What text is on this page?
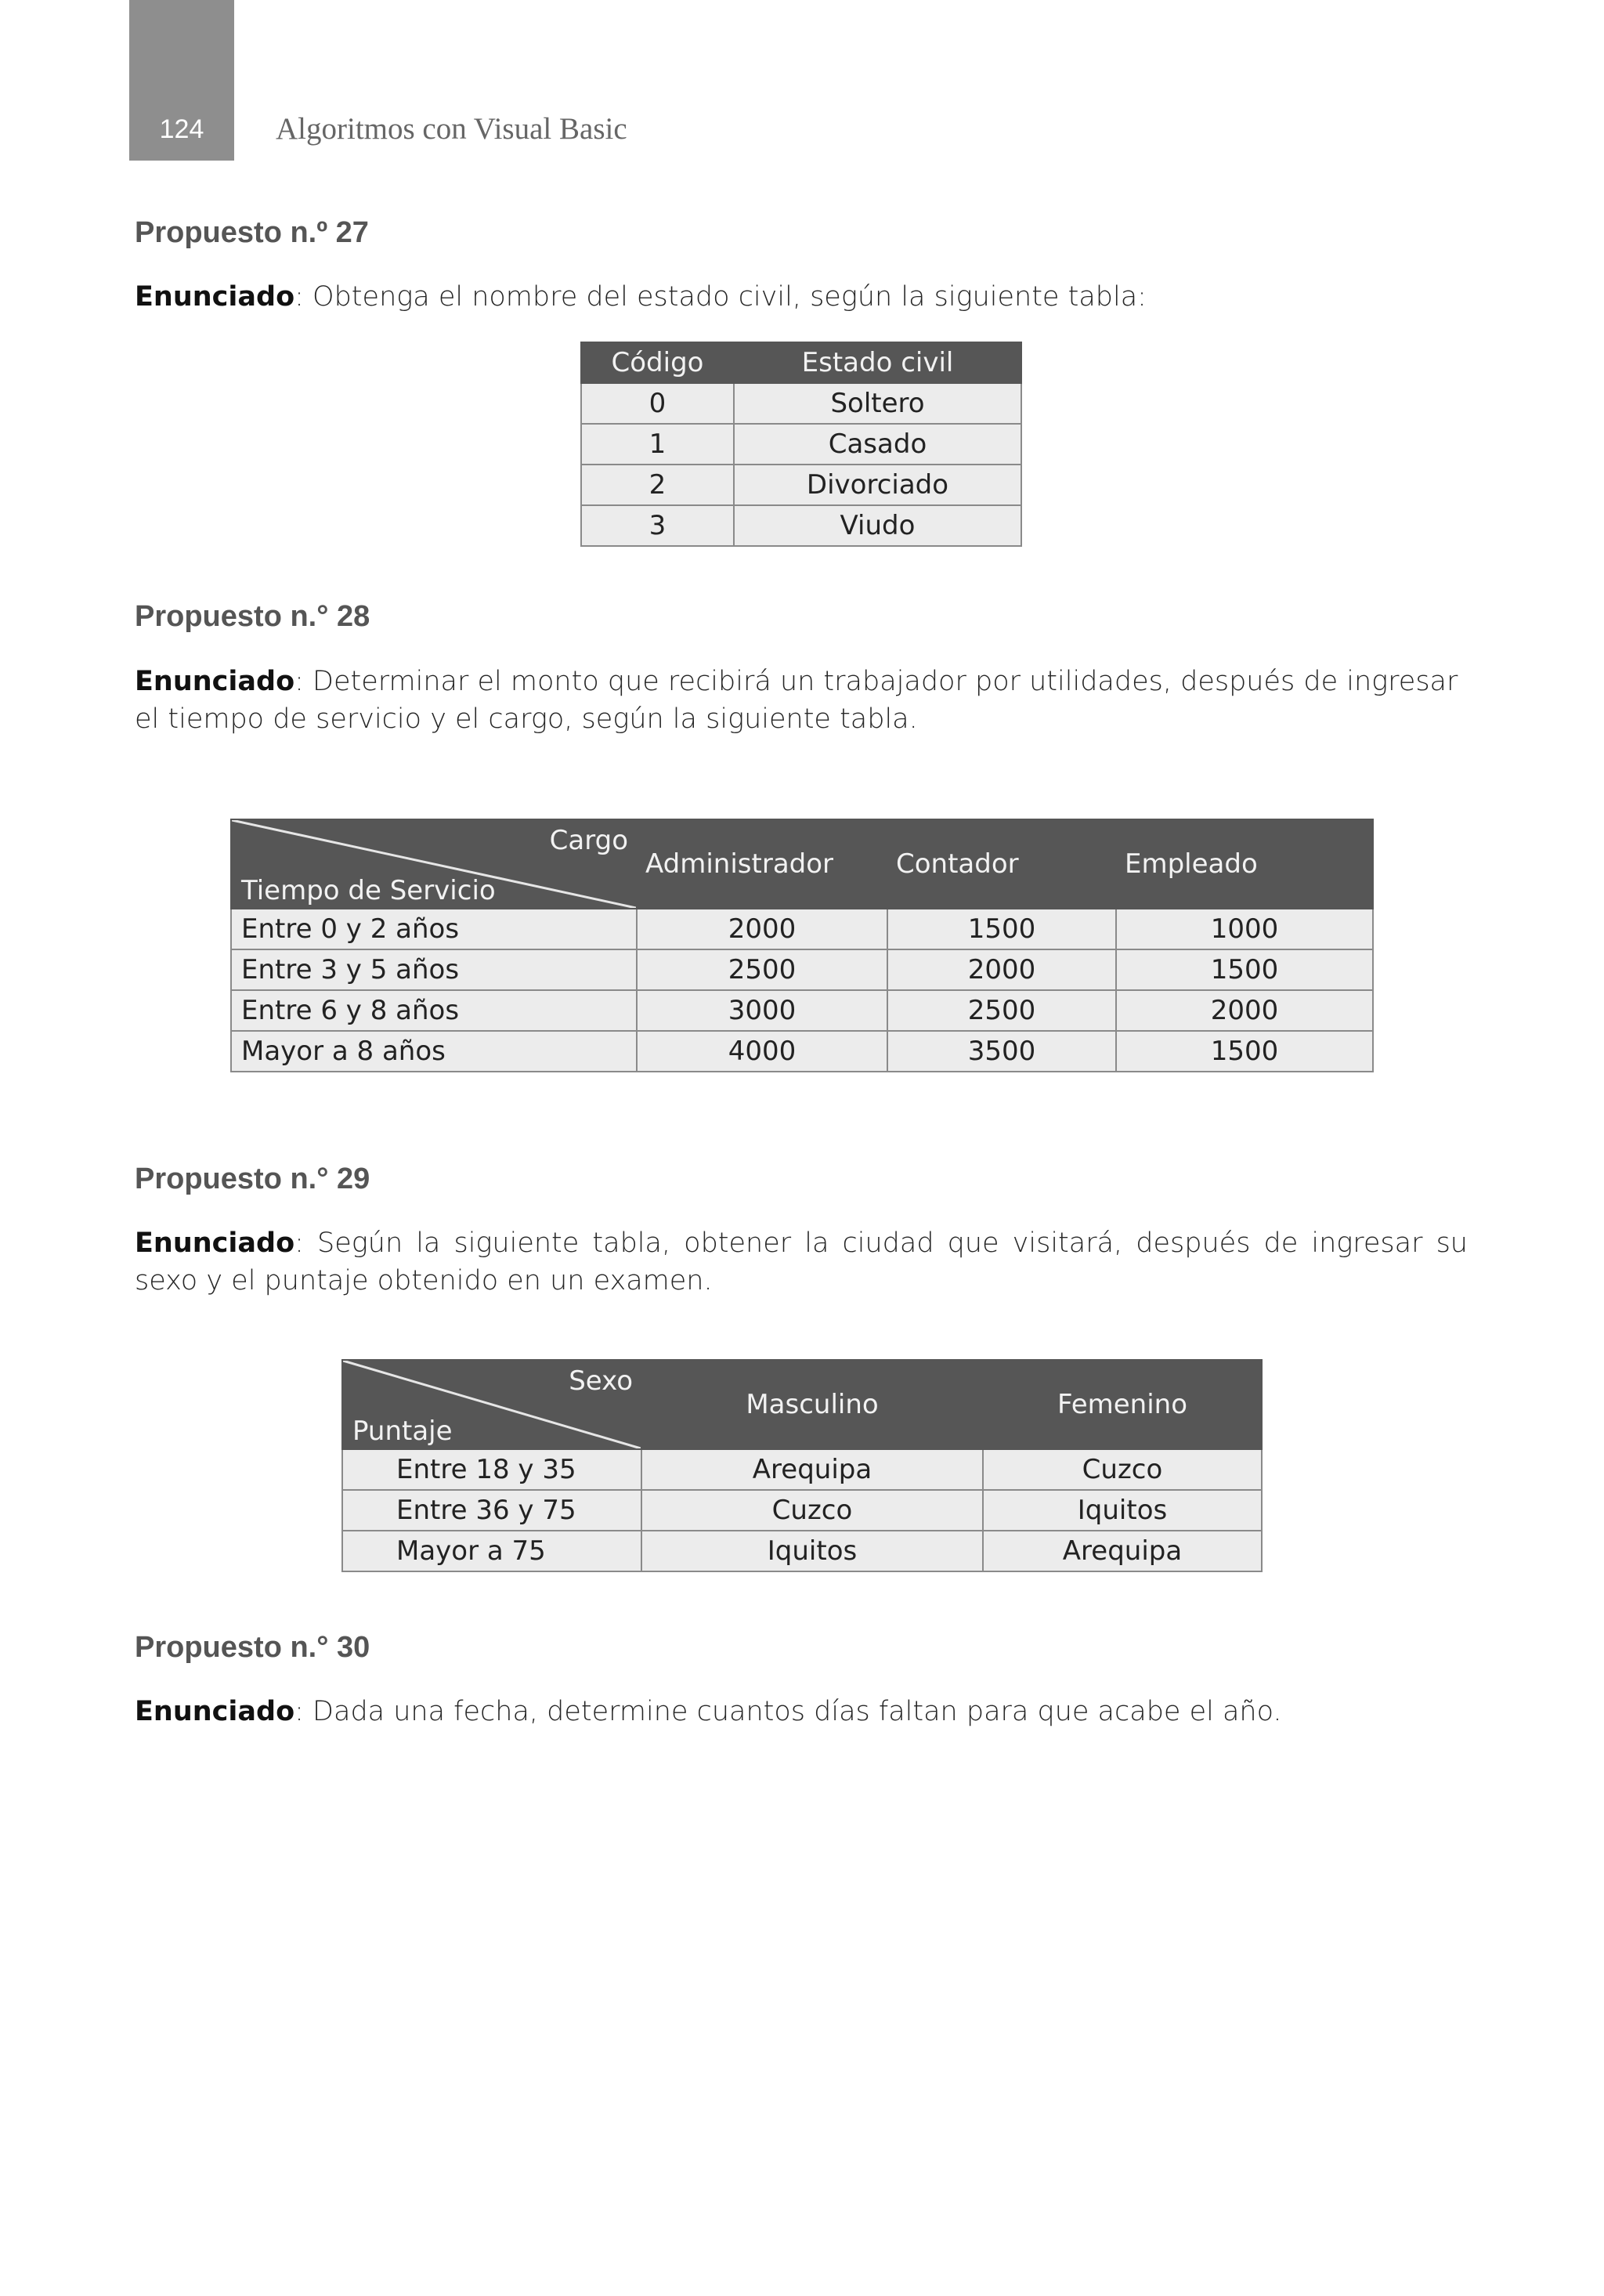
124	Algoritmos con Visual Basic
Propuesto n.º 27
Enunciado: Obtenga el nombre del estado civil, según la siguiente tabla:
Código	Estado civil
0	Soltero
1	Casado
2	Divorciado
3	Viudo
Propuesto n.° 28
Enunciado: Determinar el monto que recibirá un trabajador por utilidades, después de ingresar el tiempo de servicio y el cargo, según la siguiente tabla.
Cargo
Tiempo de Servicio	Administrador	Contador	Empleado
Entre 0 y 2 años	2000	1500	1000
Entre 3 y 5 años	2500	2000	1500
Entre 6 y 8 años	3000	2500	2000
Mayor a 8 años	4000	3500	1500
Propuesto n.° 29
Enunciado: Según la siguiente tabla, obtener la ciudad que visitará, después de ingresar su sexo y el puntaje obtenido en un examen.
Sexo
Puntaje	Masculino	Femenino
Entre 18 y 35	Arequipa	Cuzco
Entre 36 y 75	Cuzco	Iquitos
Mayor a 75	Iquitos	Arequipa
Propuesto n.° 30
Enunciado: Dada una fecha, determine cuantos días faltan para que acabe el año.
